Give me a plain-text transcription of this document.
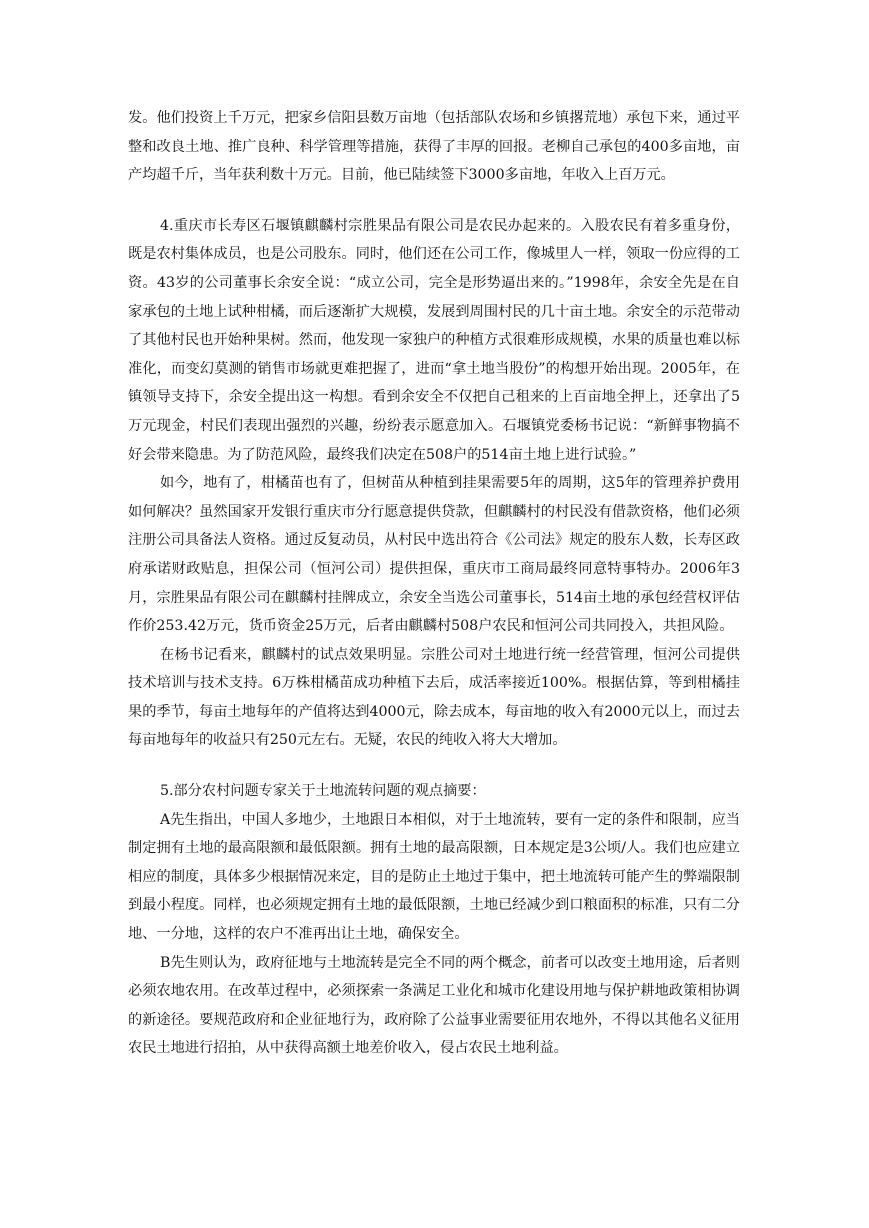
发。他们投资上千万元，把家乡信阳县数万亩地（包括部队农场和乡镇撂荒地）承包下来，通过平整和改良土地、推广良种、科学管理等措施，获得了丰厚的回报。老柳自己承包的400多亩地，亩产均超千斤，当年获利数十万元。目前，他已陆续签下3000多亩地，年收入上百万元。

4.重庆市长寿区石堰镇麒麟村宗胜果品有限公司是农民办起来的。入股农民有着多重身份，既是农村集体成员，也是公司股东。同时，他们还在公司工作，像城里人一样，领取一份应得的工资。43岁的公司董事长余安全说：“成立公司，完全是形势逼出来的。”1998年，余安全先是在自家承包的土地上试种柑橘，而后逐渐扩大规模，发展到周围村民的几十亩土地。余安全的示范带动了其他村民也开始种果树。然而，他发现一家独户的种植方式很难形成规模，水果的质量也难以标准化，而变幻莫测的销售市场就更难把握了，进而“拿土地当股份”的构想开始出现。2005年，在镇领导支持下，余安全提出这一构想。看到余安全不仅把自己租来的上百亩地全押上，还拿出了5万元现金，村民们表现出强烈的兴趣，纷纷表示愿意加入。石堰镇党委杨书记说：“新鲜事物搞不好会带来隐患。为了防范风险，最终我们决定在508户的514亩土地上进行试验。”

如今，地有了，柑橘苗也有了，但树苗从种植到挂果需要5年的周期，这5年的管理养护费用如何解决？虽然国家开发银行重庆市分行愿意提供贷款，但麒麟村的村民没有借款资格，他们必须注册公司具备法人资格。通过反复动员，从村民中选出符合《公司法》规定的股东人数，长寿区政府承诺财政贴息，担保公司（恒河公司）提供担保，重庆市工商局最终同意特事特办。2006年3月，宗胜果品有限公司在麒麟村挂牌成立，余安全当选公司董事长，514亩土地的承包经营权评估作价253.42万元，货币资金25万元，后者由麒麟村508户农民和恒河公司共同投入，共担风险。

在杨书记看来，麒麟村的试点效果明显。宗胜公司对土地进行统一经营管理，恒河公司提供技术培训与技术支持。6万株柑橘苗成功种植下去后，成活率接近100%。根据估算，等到柑橘挂果的季节，每亩土地每年的产值将达到4000元，除去成本，每亩地的收入有2000元以上，而过去每亩地每年的收益只有250元左右。无疑，农民的纯收入将大大增加。

5.部分农村问题专家关于土地流转问题的观点摘要：

A先生指出，中国人多地少，土地跟日本相似，对于土地流转，要有一定的条件和限制，应当制定拥有土地的最高限额和最低限额。拥有土地的最高限额，日本规定是3公顷/人。我们也应建立相应的制度，具体多少根据情况来定，目的是防止土地过于集中，把土地流转可能产生的弊端限制到最小程度。同样，也必须规定拥有土地的最低限额，土地已经减少到口粮面积的标准，只有二分地、一分地，这样的农户不准再出让土地，确保安全。

B先生则认为，政府征地与土地流转是完全不同的两个概念，前者可以改变土地用途，后者则必须农地农用。在改革过程中，必须探索一条满足工业化和城市化建设用地与保护耕地政策相协调的新途径。要规范政府和企业征地行为，政府除了公益事业需要征用农地外，不得以其他名义征用农民土地进行招拍，从中获得高额土地差价收入，侵占农民土地利益。
